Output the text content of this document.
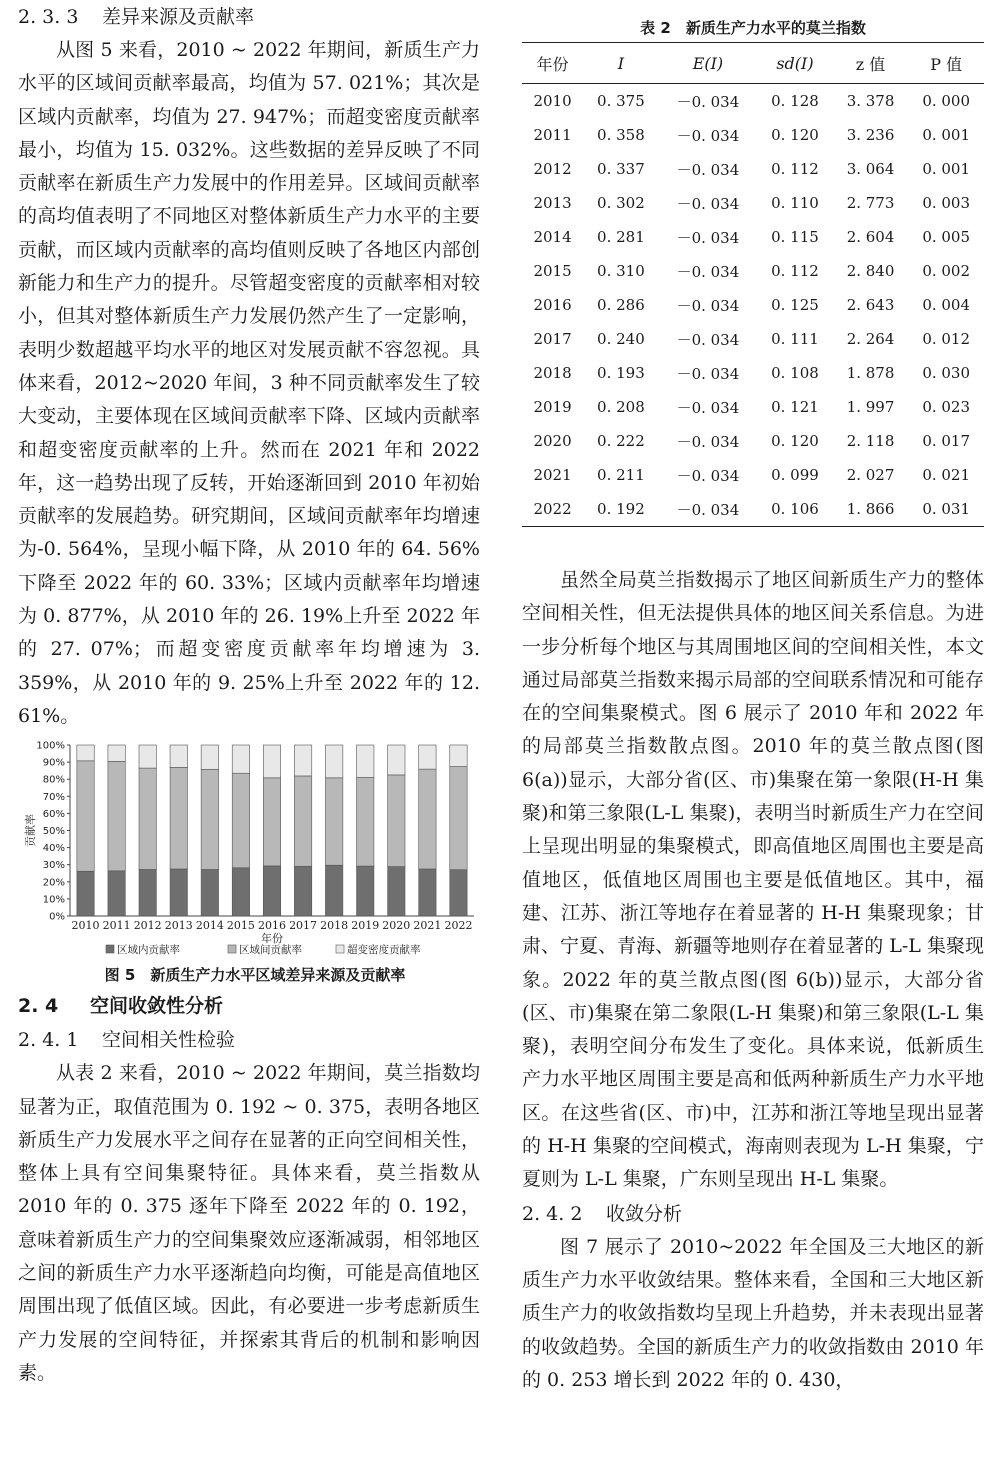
2. 3. 3 差异来源及贡献率

从图 5 来看，2010 ~ 2022 年期间，新质生产力水平的区域间贡献率最高，均值为 57. 021%；其次是区域内贡献率，均值为 27. 947%；而超变密度贡献率最小，均值为 15. 032%。这些数据的差异反映了不同贡献率在新质生产力发展中的作用差异。区域间贡献率的高均值表明了不同地区对整体新质生产力水平的主要贡献，而区域内贡献率的高均值则反映了各地区内部创新能力和生产力的提升。尽管超变密度的贡献率相对较小，但其对整体新质生产力发展仍然产生了一定影响，表明少数超越平均水平的地区对发展贡献不容忽视。具体来看，2012~2020 年间，3 种不同贡献率发生了较大变动，主要体现在区域间贡献率下降、区域内贡献率和超变密度贡献率的上升。然而在 2021 年和 2022 年，这一趋势出现了反转，开始逐渐回到 2010 年初始贡献率的发展趋势。研究期间，区域间贡献率年均增速为-0. 564%，呈现小幅下降，从 2010 年的 64. 56%下降至 2022 年的 60. 33%；区域内贡献率年均增速为 0. 877%，从 2010 年的 26. 19%上升至 2022 年的 27. 07%；而超变密度贡献率年均增速为 3. 359%，从 2010 年的 9. 25%上升至 2022 年的 12. 61%。

0%
10%
20%
30%
40%
50%
60%
70%
80%
90%
100%
贡献率
2010 2011 2012 2013 2014 2015 2016 2017 2018 2019 2020 2021 2022
年份
区域内贡献率	区域间贡献率	超变密度贡献率
图 5　新质生产力水平区域差异来源及贡献率
2. 4 空间收敛性分析
2. 4. 1 空间相关性检验

从表 2 来看，2010 ~ 2022 年期间，莫兰指数均显著为正，取值范围为 0. 192 ~ 0. 375，表明各地区新质生产力发展水平之间存在显著的正向空间相关性，整体上具有空间集聚特征。具体来看，莫兰指数从 2010 年的 0. 375 逐年下降至 2022 年的 0. 192，意味着新质生产力的空间集聚效应逐渐减弱，相邻地区之间的新质生产力水平逐渐趋向均衡，可能是高值地区周围出现了低值区域。因此，有必要进一步考虑新质生产力发展的空间特征，并探索其背后的机制和影响因素。

表 2　新质生产力水平的莫兰指数
年份	I	E(I)	sd(I)	z 值	P 值
2010	0. 375	－0. 034	0. 128	3. 378	0. 000
2011	0. 358	－0. 034	0. 120	3. 236	0. 001
2012	0. 337	－0. 034	0. 112	3. 064	0. 001
2013	0. 302	－0. 034	0. 110	2. 773	0. 003
2014	0. 281	－0. 034	0. 115	2. 604	0. 005
2015	0. 310	－0. 034	0. 112	2. 840	0. 002
2016	0. 286	－0. 034	0. 125	2. 643	0. 004
2017	0. 240	－0. 034	0. 111	2. 264	0. 012
2018	0. 193	－0. 034	0. 108	1. 878	0. 030
2019	0. 208	－0. 034	0. 121	1. 997	0. 023
2020	0. 222	－0. 034	0. 120	2. 118	0. 017
2021	0. 211	－0. 034	0. 099	2. 027	0. 021
2022	0. 192	－0. 034	0. 106	1. 866	0. 031

虽然全局莫兰指数揭示了地区间新质生产力的整体空间相关性，但无法提供具体的地区间关系信息。为进一步分析每个地区与其周围地区间的空间相关性，本文通过局部莫兰指数来揭示局部的空间联系情况和可能存在的空间集聚模式。图 6 展示了 2010 年和 2022 年的局部莫兰指数散点图。2010 年的莫兰散点图(图 6(a))显示，大部分省(区、市)集聚在第一象限(H-H 集聚)和第三象限(L-L 集聚)，表明当时新质生产力在空间上呈现出明显的集聚模式，即高值地区周围也主要是高值地区，低值地区周围也主要是低值地区。其中，福建、江苏、浙江等地存在着显著的 H-H 集聚现象；甘肃、宁夏、青海、新疆等地则存在着显著的 L-L 集聚现象。2022 年的莫兰散点图(图 6(b))显示，大部分省(区、市)集聚在第二象限(L-H 集聚)和第三象限(L-L 集聚)，表明空间分布发生了变化。具体来说，低新质生产力水平地区周围主要是高和低两种新质生产力水平地区。在这些省(区、市)中，江苏和浙江等地呈现出显著的 H-H 集聚的空间模式，海南则表现为 L-H 集聚，宁夏则为 L-L 集聚，广东则呈现出 H-L 集聚。

2. 4. 2 收敛分析

图 7 展示了 2010~2022 年全国及三大地区的新质生产力水平收敛结果。整体来看，全国和三大地区新质生产力的收敛指数均呈现上升趋势，并未表现出显著的收敛趋势。全国的新质生产力的收敛指数由 2010 年的 0. 253 增长到 2022 年的 0. 430，
